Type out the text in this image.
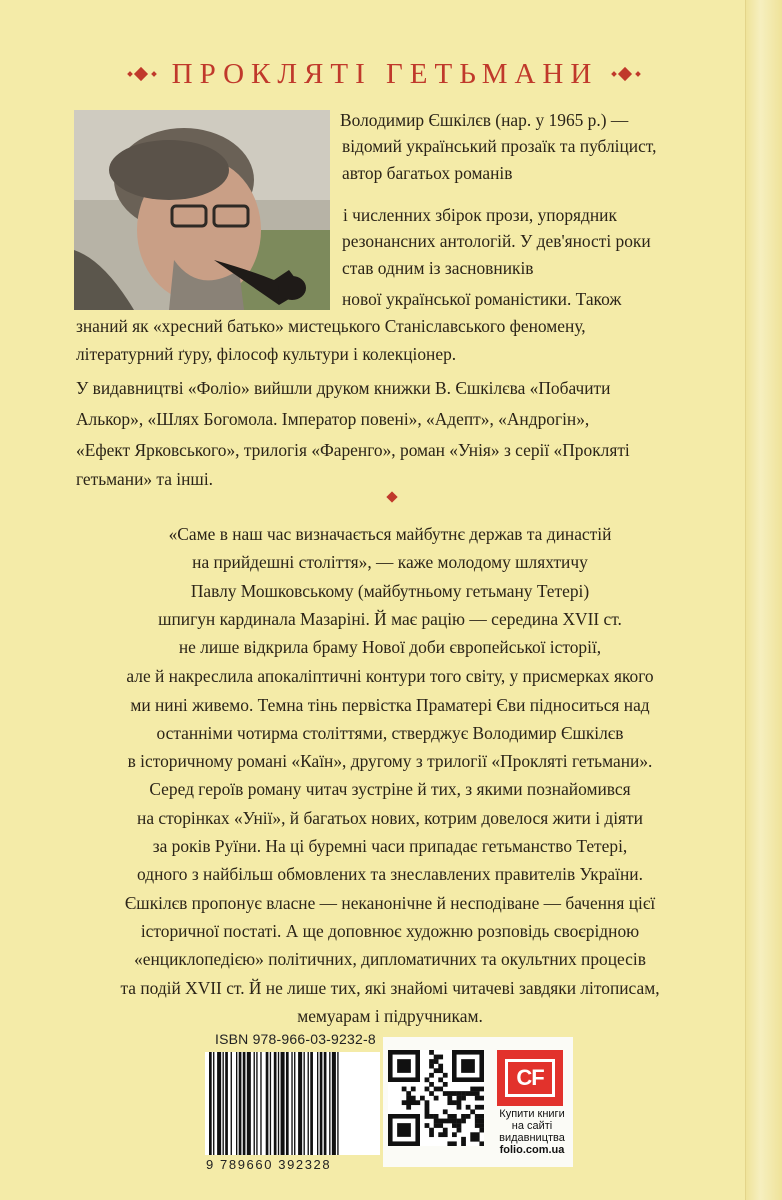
ПРОКЛЯТІ ГЕТЬМАНИ
Володимир Єшкілєв (нар. у 1965 р.) —
відомий український прозаїк та публіцист,
автор багатьох романів
і численних збірок прози, упорядник
резонансних антологій. У дев'яності роки
став одним із засновників
нової української романістики. Також
знаний як «хресний батько» мистецького Станіславського феномену,
літературний ґуру, філософ культури і колекціонер.
У видавництві «Фоліо» вийшли друком книжки В. Єшкілєва «Побачити
Алькор», «Шлях Богомола. Імператор повені», «Адепт», «Андрогін»,
«Ефект Ярковського», трилогія «Фаренго», роман «Унія» з серії «Прокляті
гетьмани» та інші.
«Саме в наш час визначається майбутнє держав та династій
на прийдешні століття», — каже молодому шляхтичу
Павлу Мошковському (майбутньому гетьману Тетері)
шпигун кардинала Мазаріні. Й має рацію — середина XVII ст.
не лише відкрила браму Нової доби європейської історії,
але й накреслила апокаліптичні контури того світу, у присмерках якого
ми нині живемо. Темна тінь первістка Праматері Єви підноситься над
останніми чотирма століттями, стверджує Володимир Єшкілєв
в історичному романі «Каїн», другому з трилогії «Прокляті гетьмани».
Серед героїв роману читач зустріне й тих, з якими познайомився
на сторінках «Унії», й багатьох нових, котрим довелося жити і діяти
за років Руїни. На ці буремні часи припадає гетьманство Тетері,
одного з найбільш обмовлених та знеславлених правителів України.
Єшкілєв пропонує власне — неканонічне й несподіване — бачення цієї
історичної постаті. А ще доповнює художню розповідь своєрідною
«енциклопедією» політичних, дипломатичних та окультних процесів
та подій XVII ст. Й не лише тих, які знайомі читачеві завдяки літописам,
мемуарам і підручникам.
ISBN 978-966-03-9232-8
9 789660 392328
CF
Купити книги
на сайті
видавництва
folio.com.ua
